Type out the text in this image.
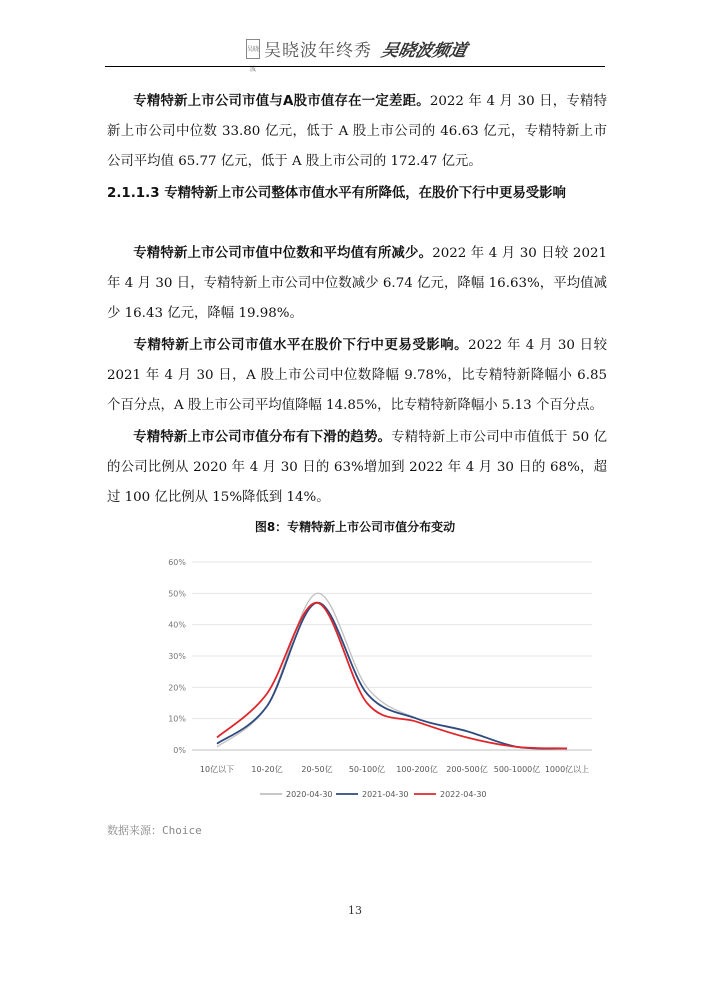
吴晓波
吴晓波年终秀 吴晓波频道

专精特新上市公司市值与A股市值存在一定差距。2022 年 4 月 30 日，专精特新上市公司中位数 33.80 亿元，低于 A 股上市公司的 46.63 亿元，专精特新上市公司平均值 65.77 亿元，低于 A 股上市公司的 172.47 亿元。

2.1.1.3 专精特新上市公司整体市值水平有所降低，在股价下行中更易受影响

专精特新上市公司市值中位数和平均值有所减少。2022 年 4 月 30 日较 2021 年 4 月 30 日，专精特新上市公司中位数减少 6.74 亿元，降幅 16.63%，平均值减少 16.43 亿元，降幅 19.98%。

专精特新上市公司市值水平在股价下行中更易受影响。2022 年 4 月 30 日较 2021 年 4 月 30 日，A 股上市公司中位数降幅 9.78%，比专精特新降幅小 6.85 个百分点，A 股上市公司平均值降幅 14.85%，比专精特新降幅小 5.13 个百分点。

专精特新上市公司市值分布有下滑的趋势。专精特新上市公司中市值低于 50 亿的公司比例从 2020 年 4 月 30 日的 63%增加到 2022 年 4 月 30 日的 68%，超过 100 亿比例从 15%降低到 14%。

图8：专精特新上市公司市值分布变动
0%
10%
20%
30%
40%
50%
60%
10亿以下 10-20亿 20-50亿 50-100亿 100-200亿 200-500亿 500-1000亿 1000亿以上
2020-04-30	2021-04-30	2022-04-30
数据来源：Choice
13
